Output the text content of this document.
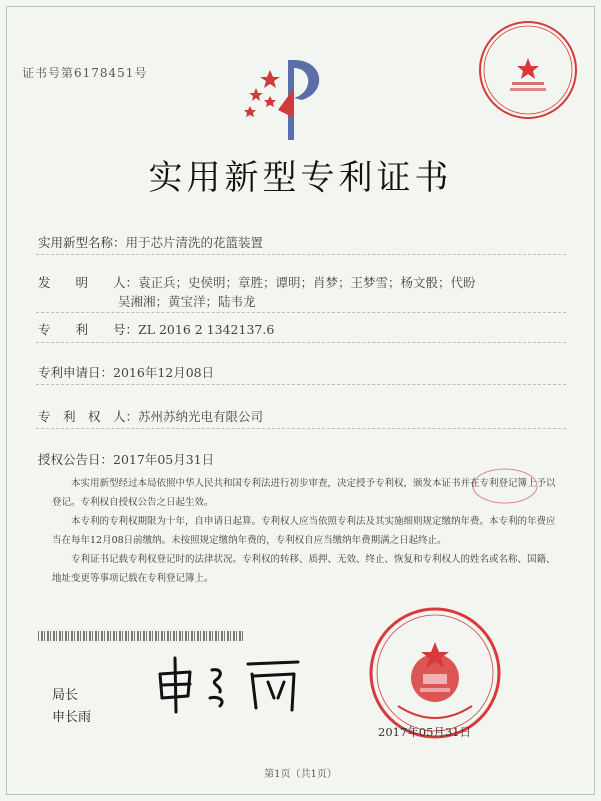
证书号第6178451号
实用新型专利证书
实用新型名称：用于芯片清洗的花篮装置
发　　明　　人：袁正兵；史侯明；章胜；谭明；肖梦；王梦雪；杨文骰；代盼
吴湘湘；黄宝洋；陆韦龙
专　　利　　号：ZL 2016 2 1342137.6
专利申请日：2016年12月08日
专　利　权　人：苏州苏纳光电有限公司
授权公告日：2017年05月31日

本实用新型经过本局依照中华人民共和国专利法进行初步审查，决定授予专利权，颁发本证书并在专利登记簿上予以登记。专利权自授权公告之日起生效。

本专利的专利权期限为十年，自申请日起算。专利权人应当依照专利法及其实施细则规定缴纳年费。本专利的年费应当在每年12月08日前缴纳。未按照规定缴纳年费的，专利权自应当缴纳年费期满之日起终止。

专利证书记载专利权登记时的法律状况。专利权的转移、质押、无效、终止、恢复和专利权人的姓名或名称、国籍、地址变更等事项记载在专利登记簿上。

局长
申长雨
2017年05月31日
第1页（共1页）
